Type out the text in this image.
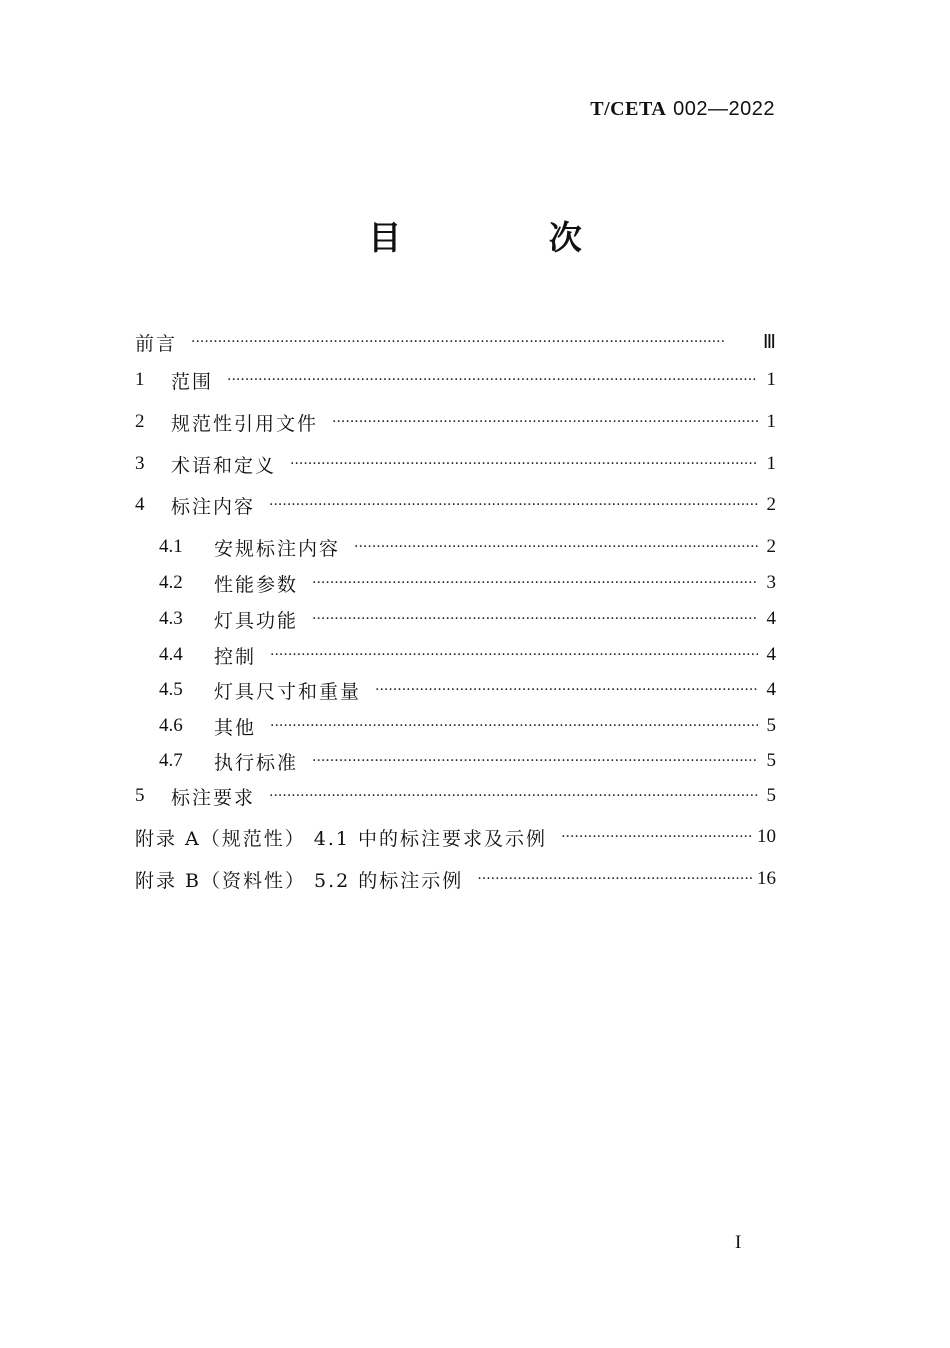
T/CETA 002—2022
目 次
前言 ·····	Ⅲ
1	范围 ·····	1
2	规范性引用文件 ·····	1
3	术语和定义 ·····	1
4	标注内容 ·····	2
4.1	安规标注内容 ·····	2
4.2	性能参数 ·····	3
4.3	灯具功能 ·····	4
4.4	控制 ·····	4
4.5	灯具尺寸和重量 ·····	4
4.6	其他 ·····	5
4.7	执行标准 ·····	5
5	标注要求 ·····	5
附录 A（规范性） 4.1 中的标注要求及示例 ·····	10
附录 B（资料性） 5.2 的标注示例 ·····	16
I
